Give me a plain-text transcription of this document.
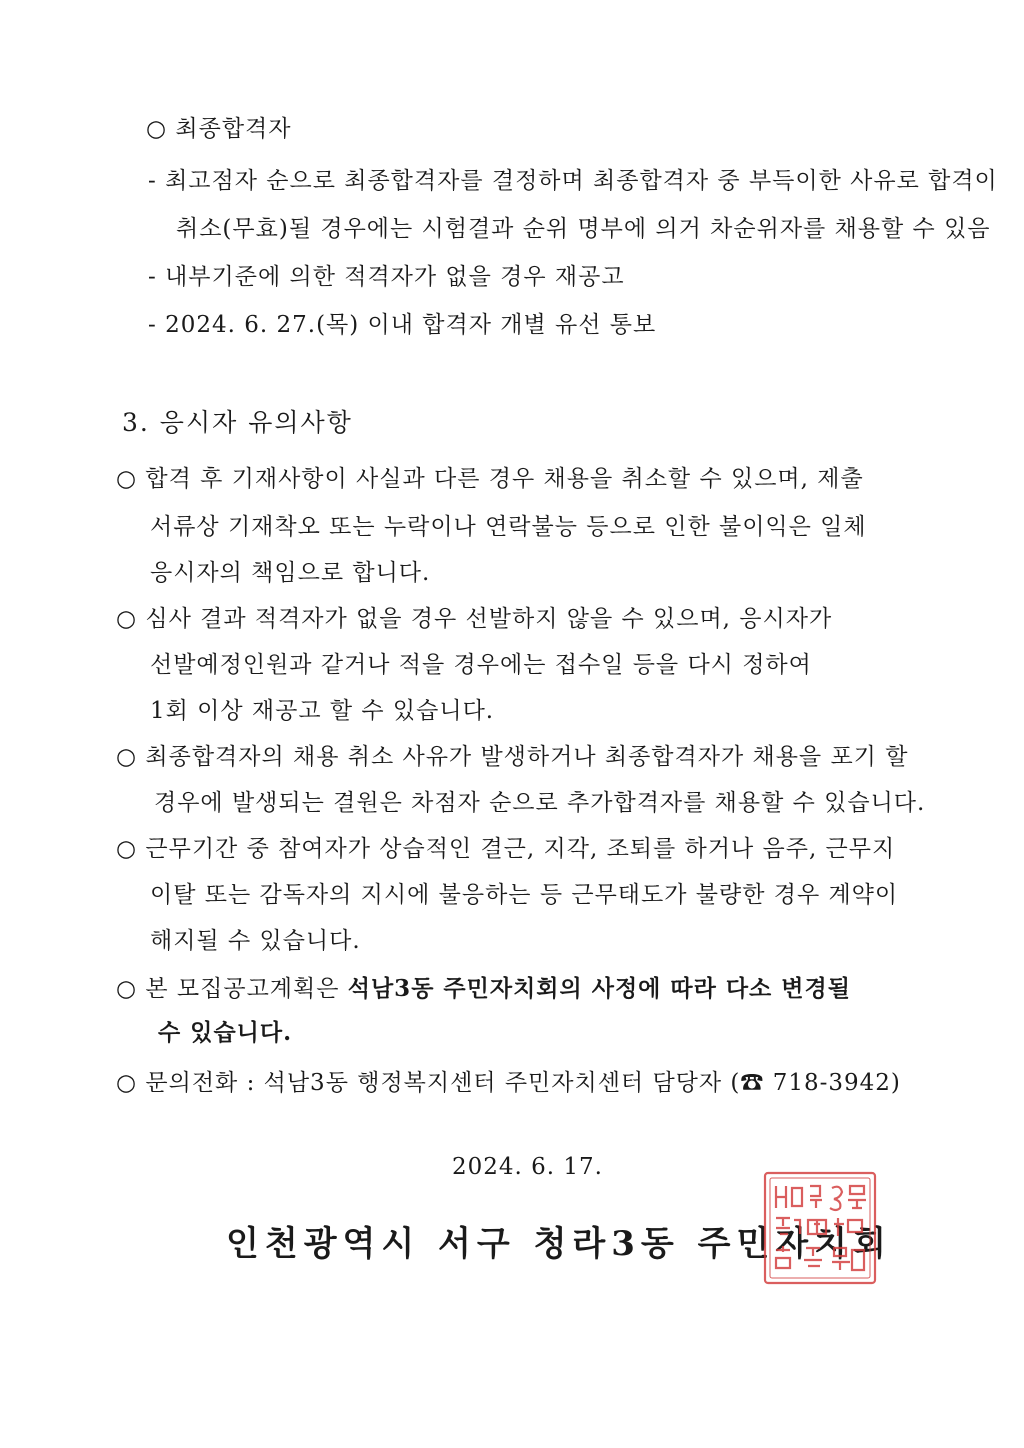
○ 최종합격자
- 최고점자 순으로 최종합격자를 결정하며 최종합격자 중 부득이한 사유로 합격이
취소(무효)될 경우에는 시험결과 순위 명부에 의거 차순위자를 채용할 수 있음
- 내부기준에 의한 적격자가 없을 경우 재공고
- 2024. 6. 27.(목) 이내 합격자 개별 유선 통보
3. 응시자 유의사항
○ 합격 후 기재사항이 사실과 다른 경우 채용을 취소할 수 있으며, 제출
서류상 기재착오 또는 누락이나 연락불능 등으로 인한 불이익은 일체
응시자의 책임으로 합니다.
○ 심사 결과 적격자가 없을 경우 선발하지 않을 수 있으며, 응시자가
선발예정인원과 같거나 적을 경우에는 접수일 등을 다시 정하여
1회 이상 재공고 할 수 있습니다.
○ 최종합격자의 채용 취소 사유가 발생하거나 최종합격자가 채용을 포기 할
경우에 발생되는 결원은 차점자 순으로 추가합격자를 채용할 수 있습니다.
○ 근무기간 중 참여자가 상습적인 결근, 지각, 조퇴를 하거나 음주, 근무지
이탈 또는 감독자의 지시에 불응하는 등 근무태도가 불량한 경우 계약이
해지될 수 있습니다.
○ 본 모집공고계획은 석남3동 주민자치회의 사정에 따라 다소 변경될
수 있습니다.
○ 문의전화 : 석남3동 행정복지센터 주민자치센터 담당자 (☎ 718-3942)
2024. 6. 17.
인천광역시 서구 청라3동 주민자치회
